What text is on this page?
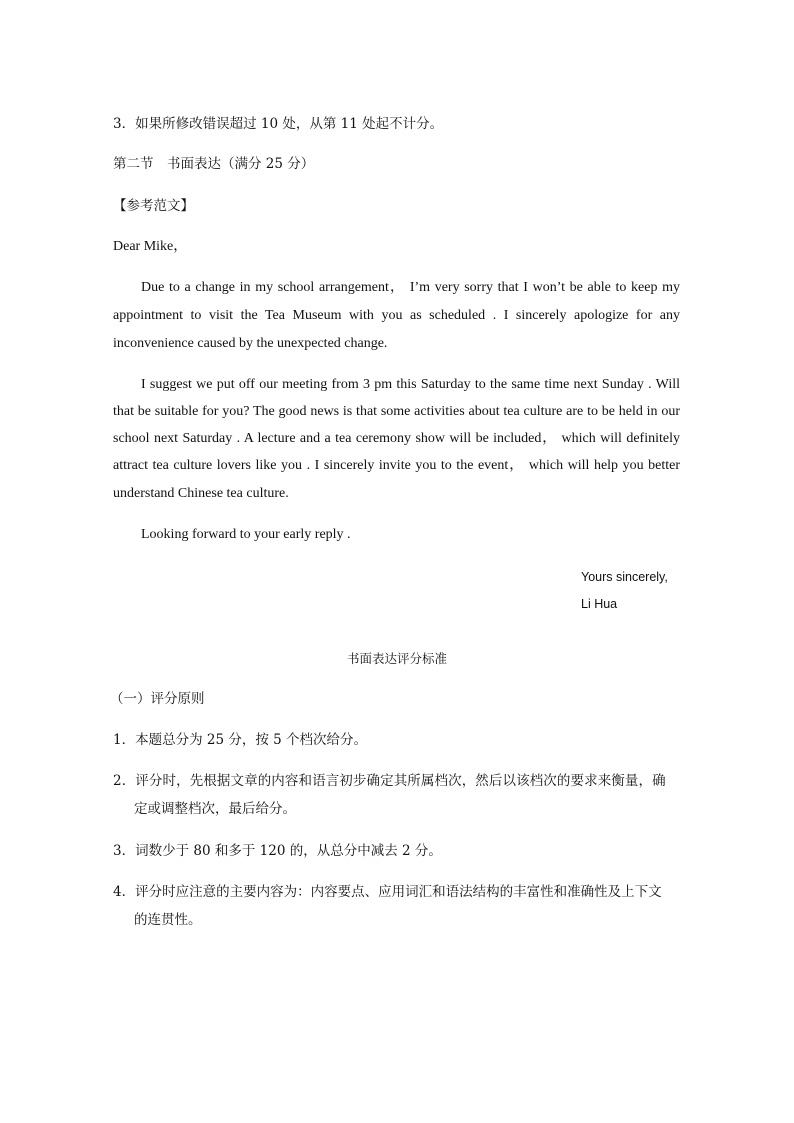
3．如果所修改错误超过 10 处，从第 11 处起不计分。
第二节　书面表达（满分 25 分）
【参考范文】
Dear Mike，
Due to a change in my school arrangement， I’m very sorry that I won’t be able to keep my
appointment to visit the Tea Museum with you as scheduled . I sincerely apologize for any
inconvenience caused by the unexpected change.
I suggest we put off our meeting from 3 pm this Saturday to the same time next Sunday . Will
that be suitable for you? The good news is that some activities about tea culture are to be held in our
school next Saturday . A lecture and a tea ceremony show will be included， which will definitely
attract tea culture lovers like you . I sincerely invite you to the event， which will help you better
understand Chinese tea culture.
Looking forward to your early reply .
Yours sincerely,
Li Hua
书面表达评分标准
（一）评分原则
1．本题总分为 25 分，按 5 个档次给分。
2．评分时，先根据文章的内容和语言初步确定其所属档次，然后以该档次的要求来衡量，确
定或调整档次，最后给分。
3．词数少于 80 和多于 120 的，从总分中减去 2 分。
4．评分时应注意的主要内容为：内容要点、应用词汇和语法结构的丰富性和准确性及上下文
的连贯性。
